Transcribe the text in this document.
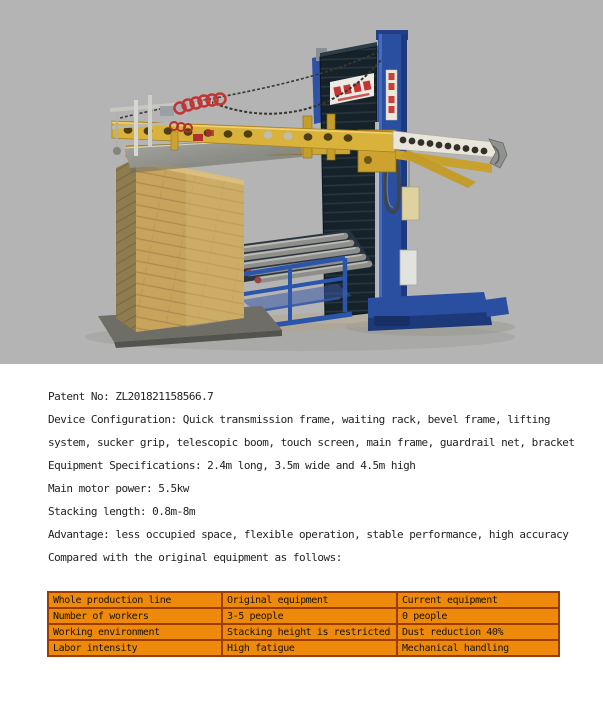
Patent No: ZL201821158566.7
Device Configuration: Quick transmission frame, waiting rack, bevel frame, lifting
system, sucker grip, telescopic boom, touch screen, main frame, guardrail net, bracket
Equipment Specifications: 2.4m long, 3.5m wide and 4.5m high
Main motor power: 5.5kw
Stacking length: 0.8m-8m
Advantage: less occupied space, flexible operation, stable performance, high accuracy
Compared with the original equipment as follows:
Whole production line	Original equipment	Current equipment
Number of workers	3-5 people	0 people
Working environment	Stacking height is restricted	Dust reduction 40%
Labor intensity	High fatigue	Mechanical handling
